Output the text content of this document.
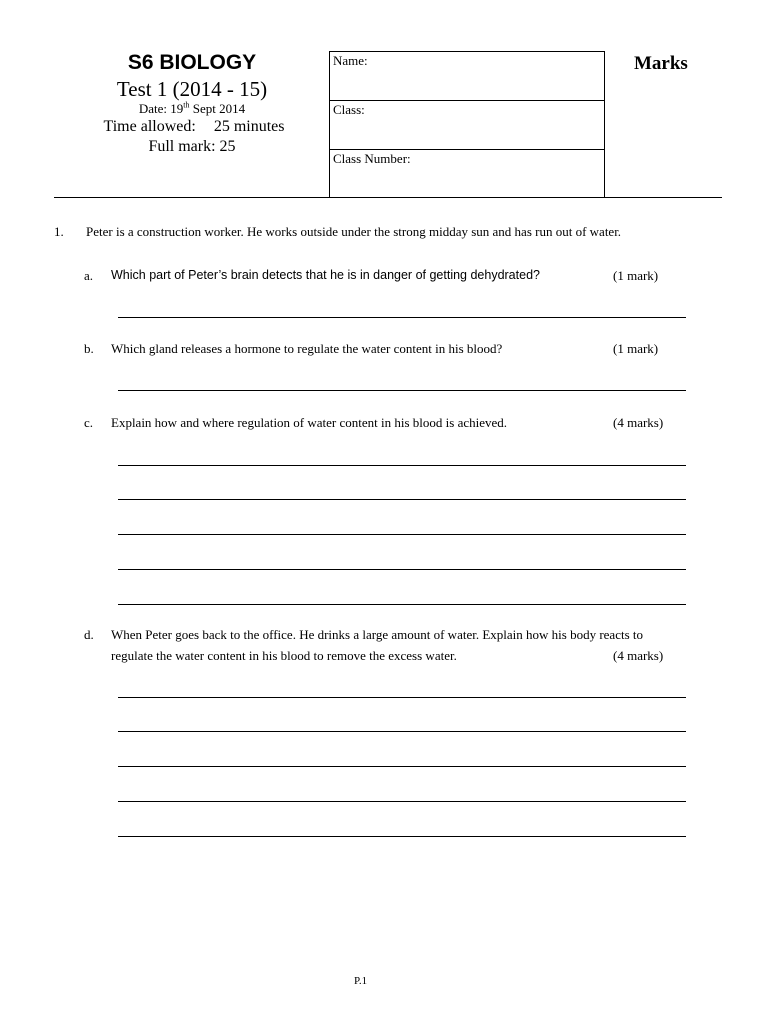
S6 BIOLOGY
Test 1 (2014 - 15)
Date: 19th Sept 2014
Time allowed: 25 minutes
Full mark: 25
Name:
Class:
Class Number:
Marks
1. Peter is a construction worker. He works outside under the strong midday sun and has run out of water.
a. Which part of Peter’s brain detects that he is in danger of getting dehydrated?	(1 mark)
b. Which gland releases a hormone to regulate the water content in his blood?	(1 mark)
c. Explain how and where regulation of water content in his blood is achieved.	(4 marks)
d. When Peter goes back to the office. He drinks a large amount of water. Explain how his body reacts to
regulate the water content in his blood to remove the excess water.	(4 marks)
P.1
